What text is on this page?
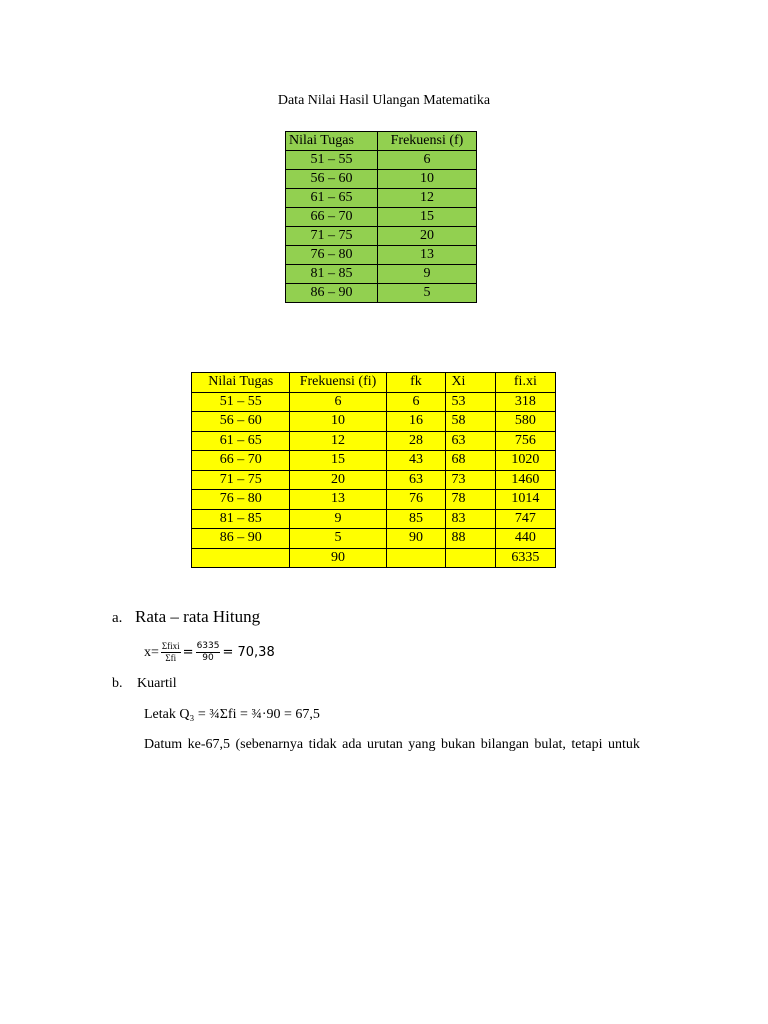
Data Nilai Hasil Ulangan Matematika
Nilai Tugas	Frekuensi (f)
51 – 55	6
56 – 60	10
61 – 65	12
66 – 70	15
71 – 75	20
76 – 80	13
81 – 85	9
86 – 90	5
Nilai Tugas	Frekuensi (fi)	fk	Xi	fi.xi
51 – 55	6	6	53	318
56 – 60	10	16	58	580
61 – 65	12	28	63	756
66 – 70	15	43	68	1020
71 – 75	20	63	73	1460
76 – 80	13	76	78	1014
81 – 85	9	85	83	747
86 – 90	5	90	88	440
	90			6335
a. Rata – rata Hitung
$x= \frac{\text{Σfixi}}{\text{Σfi}} = \frac{6335}{90} = 70,38$
b. Kuartil
Letak Q₃ = ¾Σfi = ¾·90 = 67,5
Datum ke-67,5 (sebenarnya tidak ada urutan yang bukan bilangan bulat, tetapi untuk
